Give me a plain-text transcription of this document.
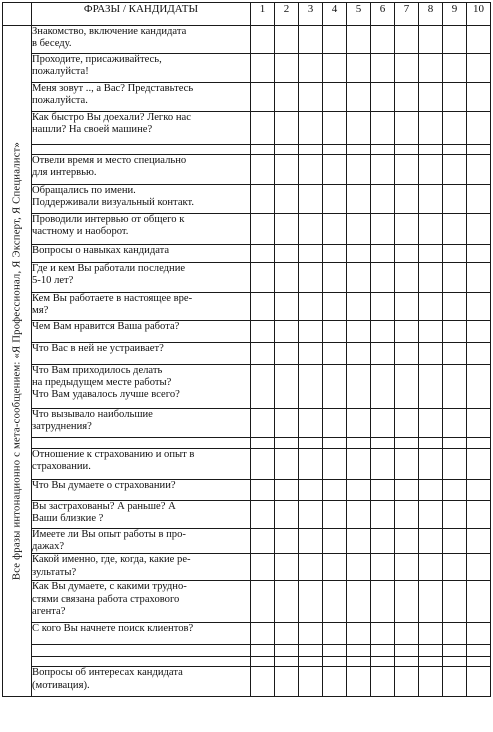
	ФРАЗЫ / КАНДИДАТЫ	1	2	3	4	5	6	7	8	9	10

Все фразы интонационно с мета-сообщением: «Я Профессионал, Я Эксперт, Я Специалист»	Знакомство, включение кандидата
в беседу.										
	Проходите, присаживайтесь,
пожалуйста!										
	Меня зовут .., а Вас? Представьтесь
пожалуйста.										
	Как быстро Вы доехали? Легко нас
нашли? На своей машине?										

	Отвели время и место специально
для интервью.										
	Обращались по имени.
Поддерживали визуальный контакт.										
	Проводили интервью от общего к
частному и наоборот.										
	Вопросы о навыках кандидата										
	Где и кем Вы работали последние
5-10 лет?										
	Кем Вы работаете в настоящее вре-
мя?										
	Чем Вам нравится Ваша работа?										
	Что Вас в ней не устраивает?										
	Что Вам приходилось делать
на предыдущем месте работы?
Что Вам удавалось лучше всего?										
	Что вызывало наибольшие
затруднения?										

	Отношение к страхованию и опыт в
страховании.										
	Что Вы думаете о страховании?										
	Вы застрахованы? А раньше? А
Ваши близкие ?										
	Имеете ли Вы опыт работы в про-
дажах?										
	Какой именно, где, когда, какие ре-
зультаты?										
	Как Вы думаете, с какими трудно-
стями связана работа страхового
агента?										
	С кого Вы начнете поиск клиентов?										

	Вопросы об интересах кандидата
(мотивация).										
